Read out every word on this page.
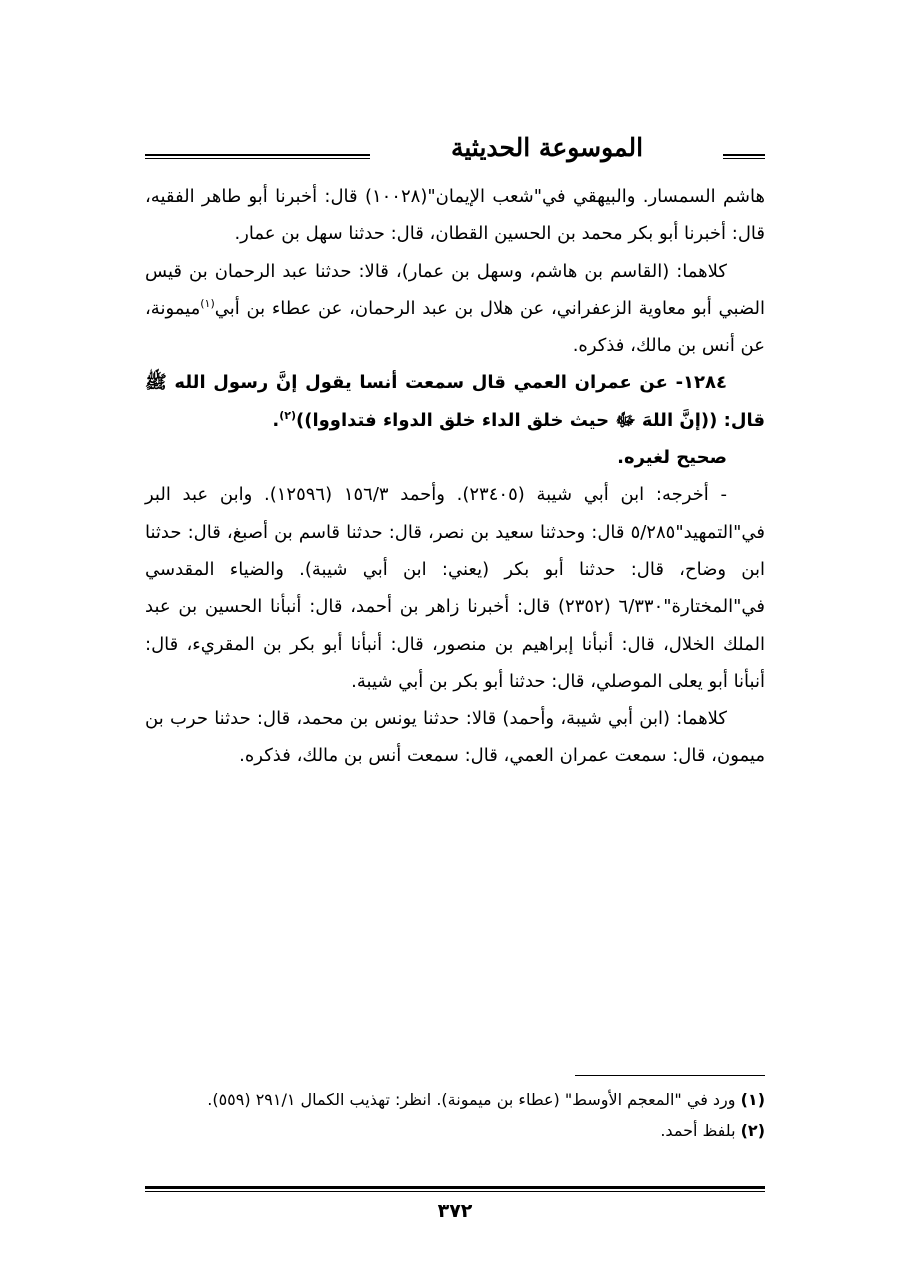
الموسوعة الحديثية

هاشم السمسار. والبيهقي في"شعب الإيمان"(١٠٠٢٨) قال: أخبرنا أبو طاهر الفقيه، قال: أخبرنا أبو بكر محمد بن الحسين القطان، قال: حدثنا سهل بن عمار.

كلاهما: (القاسم بن هاشم، وسهل بن عمار)، قالا: حدثنا عبد الرحمان بن قيس الضبي أبو معاوية الزعفراني، عن هلال بن عبد الرحمان، عن عطاء بن أبي$^{(١)}$ميمونة، عن أنس بن مالك، فذكره.

١٢٨٤- عن عمران العمي قال سمعت أنسا يقول إنَّ رسول الله ﷺ قال: ((إنَّ اللهَ ﷻ حيث خلق الداء خلق الدواء فتداووا))$^{(٢)}$.

صحيح لغيره.

- أخرجه: ابن أبي شيبة (٢٣٤٠٥). وأحمد ١٥٦/٣ (١٢٥٩٦). وابن عبد البر في"التمهيد"٥/٢٨٥ قال: وحدثنا سعيد بن نصر، قال: حدثنا قاسم بن أصبغ، قال: حدثنا ابن وضاح، قال: حدثنا أبو بكر (يعني: ابن أبي شيبة). والضياء المقدسي في"المختارة"٦/٣٣٠ (٢٣٥٢) قال: أخبرنا زاهر بن أحمد، قال: أنبأنا الحسين بن عبد الملك الخلال، قال: أنبأنا إبراهيم بن منصور، قال: أنبأنا أبو بكر بن المقريء، قال: أنبأنا أبو يعلى الموصلي، قال: حدثنا أبو بكر بن أبي شيبة.

كلاهما: (ابن أبي شيبة، وأحمد) قالا: حدثنا يونس بن محمد، قال: حدثنا حرب بن ميمون، قال: سمعت عمران العمي، قال: سمعت أنس بن مالك، فذكره.

(١) ورد في "المعجم الأوسط" (عطاء بن ميمونة). انظر: تهذيب الكمال ٢٩١/١ (٥٥٩).

(٢) بلفظ أحمد.

٣٧٢
